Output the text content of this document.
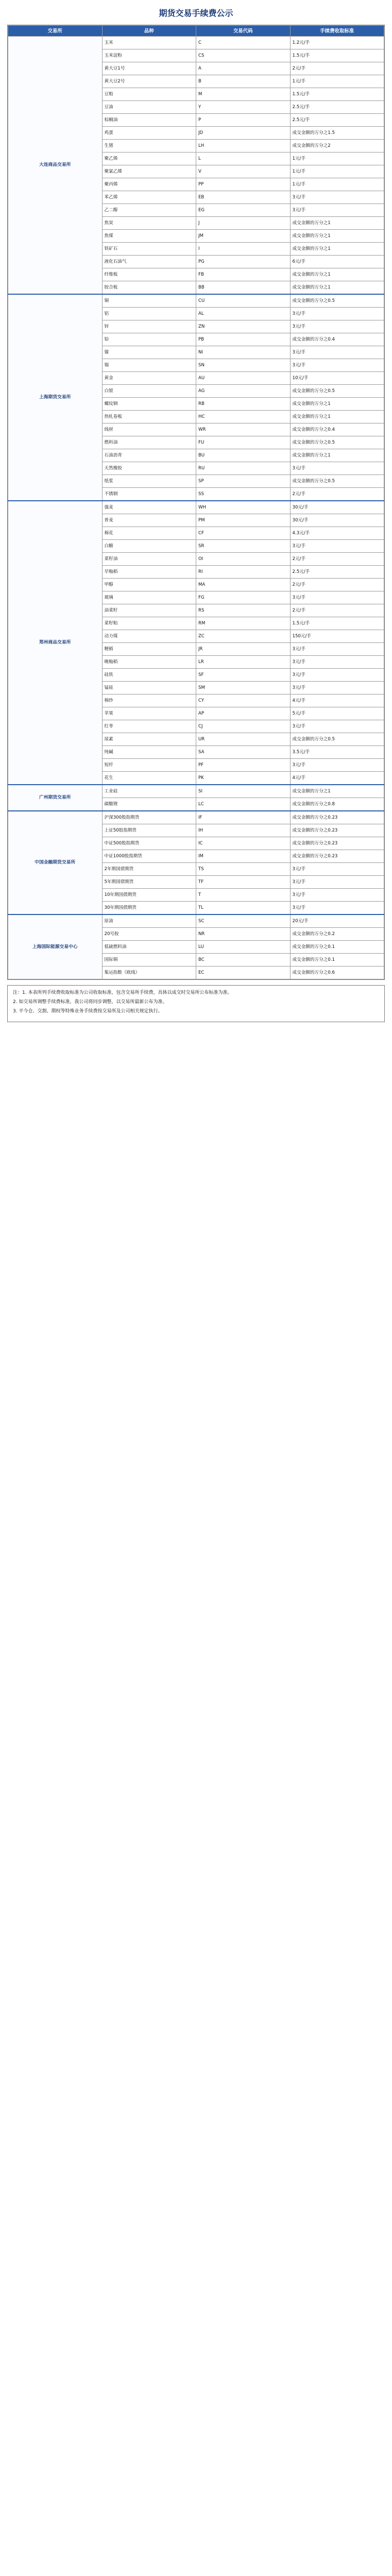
期货交易手续费公示
交易所	品种	交易代码	手续费收取标准
大连商品交易所	玉米	C	1.2元/手
	玉米淀粉	CS	1.5元/手
	黄大豆1号	A	2元/手
	黄大豆2号	B	1元/手
	豆粕	M	1.5元/手
	豆油	Y	2.5元/手
	棕榈油	P	2.5元/手
	鸡蛋	JD	成交金额的万分之1.5
	生猪	LH	成交金额的万分之2
	聚乙烯	L	1元/手
	聚氯乙烯	V	1元/手
	聚丙烯	PP	1元/手
	苯乙烯	EB	3元/手
	乙二醇	EG	3元/手
	焦炭	J	成交金额的万分之1
	焦煤	JM	成交金额的万分之1
	铁矿石	I	成交金额的万分之1
	液化石油气	PG	6元/手
	纤维板	FB	成交金额的万分之1
	胶合板	BB	成交金额的万分之1
上海期货交易所	铜	CU	成交金额的万分之0.5
	铝	AL	3元/手
	锌	ZN	3元/手
	铅	PB	成交金额的万分之0.4
	镍	NI	3元/手
	锡	SN	3元/手
	黄金	AU	10元/手
	白银	AG	成交金额的万分之0.5
	螺纹钢	RB	成交金额的万分之1
	热轧卷板	HC	成交金额的万分之1
	线材	WR	成交金额的万分之0.4
	燃料油	FU	成交金额的万分之0.5
	石油沥青	BU	成交金额的万分之1
	天然橡胶	RU	3元/手
	纸浆	SP	成交金额的万分之0.5
	不锈钢	SS	2元/手
郑州商品交易所	强麦	WH	30元/手
	普麦	PM	30元/手
	棉花	CF	4.3元/手
	白糖	SR	3元/手
	菜籽油	OI	2元/手
	早籼稻	RI	2.5元/手
	甲醇	MA	2元/手
	玻璃	FG	3元/手
	油菜籽	RS	2元/手
	菜籽粕	RM	1.5元/手
	动力煤	ZC	150元/手
	粳稻	JR	3元/手
	晚籼稻	LR	3元/手
	硅铁	SF	3元/手
	锰硅	SM	3元/手
	棉纱	CY	4元/手
	苹果	AP	5元/手
	红枣	CJ	3元/手
	尿素	UR	成交金额的万分之0.5
	纯碱	SA	3.5元/手
	短纤	PF	3元/手
	花生	PK	4元/手
广州期货交易所	工业硅	SI	成交金额的万分之1
	碳酸锂	LC	成交金额的万分之0.8
中国金融期货交易所	沪深300股指期货	IF	成交金额的万分之0.23
	上证50股指期货	IH	成交金额的万分之0.23
	中证500股指期货	IC	成交金额的万分之0.23
	中证1000股指期货	IM	成交金额的万分之0.23
	2年期国债期货	TS	3元/手
	5年期国债期货	TF	3元/手
	10年期国债期货	T	3元/手
	30年期国债期货	TL	3元/手
上海国际能源交易中心	原油	SC	20元/手
	20号胶	NR	成交金额的万分之0.2
	低硫燃料油	LU	成交金额的万分之0.1
	国际铜	BC	成交金额的万分之0.1
	集运指数（欧线）	EC	成交金额的万分之0.6

注：1. 本表所列手续费收取标准为公司收取标准，包含交易所手续费，具体以成交时交易所公布标准为准。

2. 如交易所调整手续费标准，我公司将同步调整，以交易所最新公布为准。

3. 平今仓、交割、期权等特殊业务手续费按交易所及公司相关规定执行。
